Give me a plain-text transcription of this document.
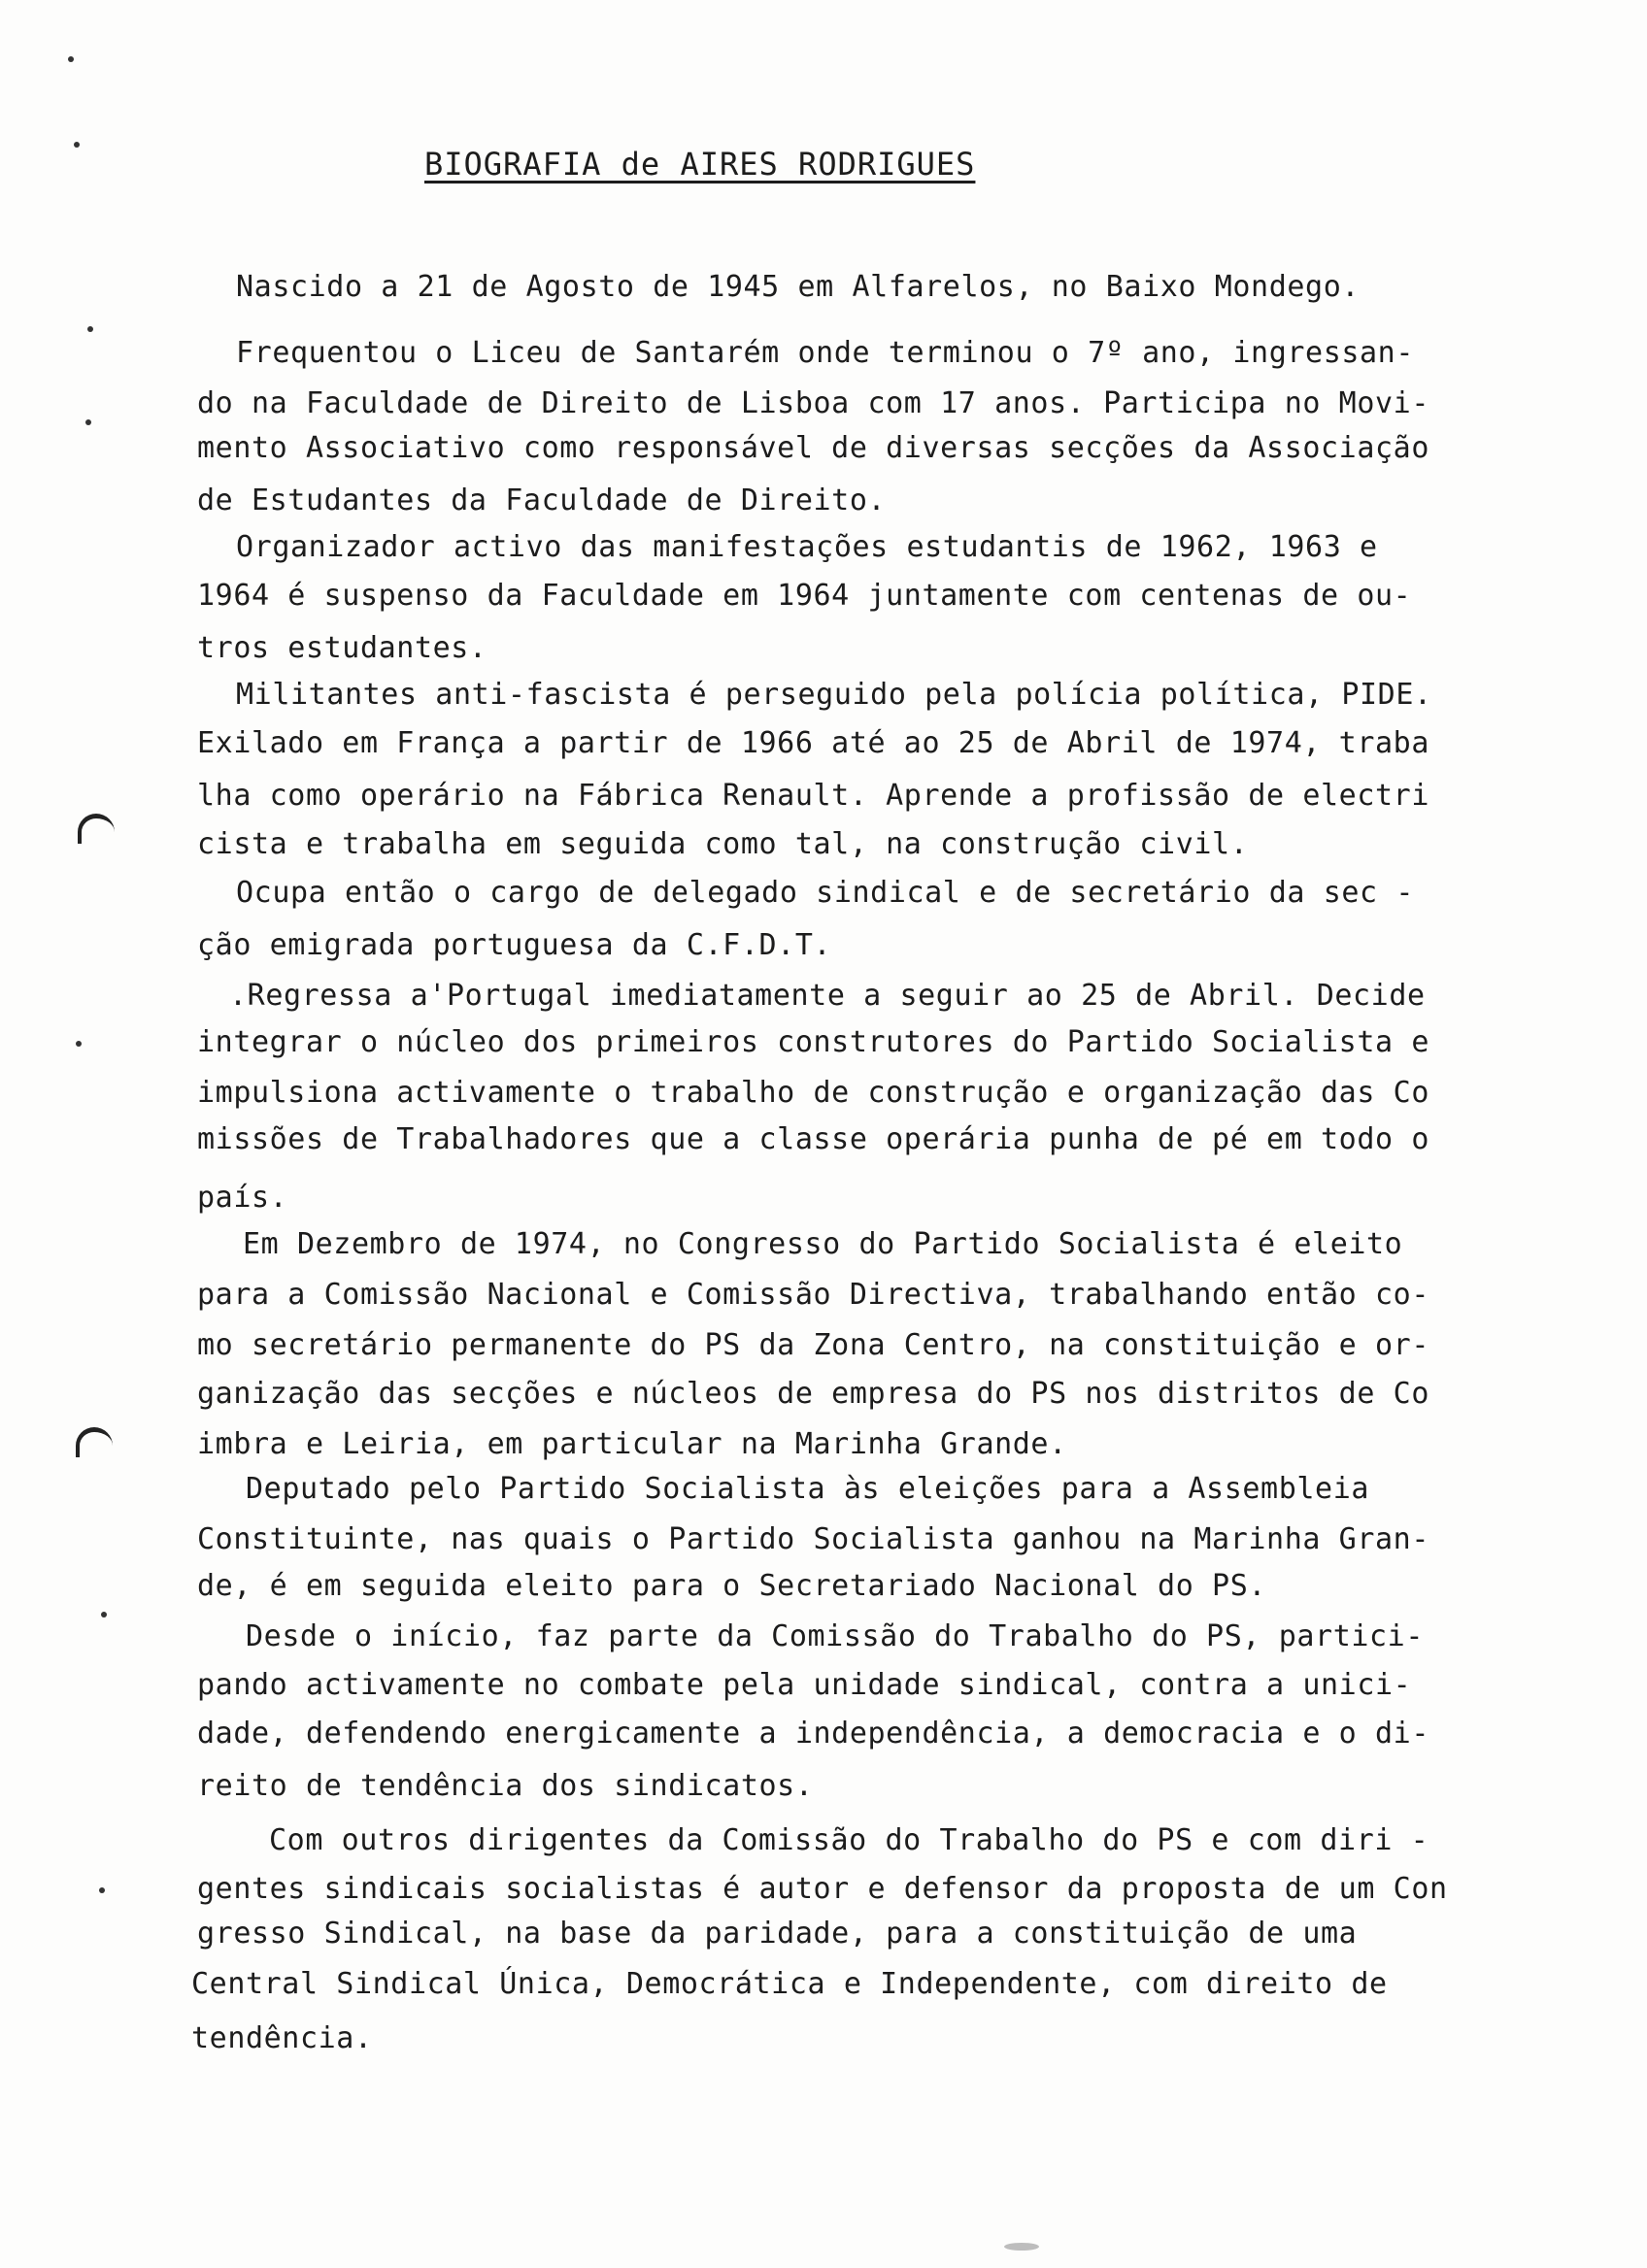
BIOGRAFIA de AIRES RODRIGUES
Nascido a 21 de Agosto de 1945 em Alfarelos, no Baixo Mondego.
Frequentou o Liceu de Santarém onde terminou o 7º ano, ingressan-
do na Faculdade de Direito de Lisboa com 17 anos. Participa no Movi-
mento Associativo como responsável de diversas secções da Associação
de Estudantes da Faculdade de Direito.
Organizador activo das manifestações estudantis de 1962, 1963 e
1964 é suspenso da Faculdade em 1964 juntamente com centenas de ou-
tros estudantes.
Militantes anti-fascista é perseguido pela polícia política, PIDE.
Exilado em França a partir de 1966 até ao 25 de Abril de 1974, traba
lha como operário na Fábrica Renault. Aprende a profissão de electri
cista e trabalha em seguida como tal, na construção civil.
Ocupa então o cargo de delegado sindical e de secretário da sec -
ção emigrada portuguesa da C.F.D.T.
.Regressa a'Portugal imediatamente a seguir ao 25 de Abril. Decide
integrar o núcleo dos primeiros construtores do Partido Socialista e
impulsiona activamente o trabalho de construção e organização das Co
missões de Trabalhadores que a classe operária punha de pé em todo o
país.
Em Dezembro de 1974, no Congresso do Partido Socialista é eleito
para a Comissão Nacional e Comissão Directiva, trabalhando então co-
mo secretário permanente do PS da Zona Centro, na constituição e or-
ganização das secções e núcleos de empresa do PS nos distritos de Co
imbra e Leiria, em particular na Marinha Grande.
Deputado pelo Partido Socialista às eleições para a Assembleia
Constituinte, nas quais o Partido Socialista ganhou na Marinha Gran-
de, é em seguida eleito para o Secretariado Nacional do PS.
Desde o início, faz parte da Comissão do Trabalho do PS, partici-
pando activamente no combate pela unidade sindical, contra a unici-
dade, defendendo energicamente a independência, a democracia e o di-
reito de tendência dos sindicatos.
Com outros dirigentes da Comissão do Trabalho do PS e com diri -
gentes sindicais socialistas é autor e defensor da proposta de um Con
gresso Sindical, na base da paridade, para a constituição de uma
Central Sindical Única, Democrática e Independente, com direito de
tendência.
